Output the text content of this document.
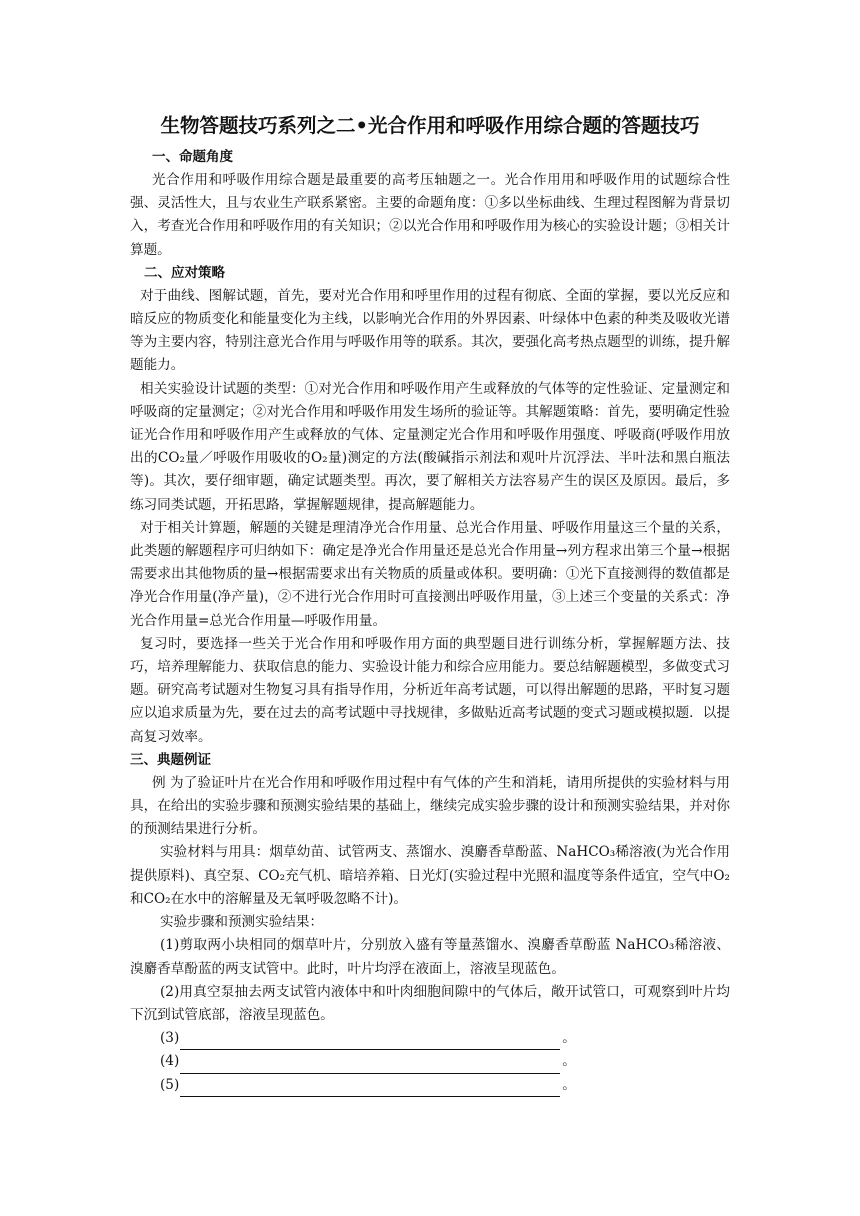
生物答题技巧系列之二•光合作用和呼吸作用综合题的答题技巧
一、命题角度

光合作用和呼吸作用综合题是最重要的高考压轴题之一。光合作用用和呼吸作用的试题综合性强、灵活性大，且与农业生产联系紧密。主要的命题角度：①多以坐标曲线、生理过程图解为背景切入，考查光合作用和呼吸作用的有关知识；②以光合作用和呼吸作用为核心的实验设计题；③相关计算题。

二、应对策略

对于曲线、图解试题，首先，要对光合作用和呼里作用的过程有彻底、全面的掌握，要以光反应和暗反应的物质变化和能量变化为主线，以影响光合作用的外界因素、叶绿体中色素的种类及吸收光谱等为主要内容，特别注意光合作用与呼吸作用等的联系。其次，要强化高考热点题型的训练，提升解题能力。

相关实验设计试题的类型：①对光合作用和呼吸作用产生或释放的气体等的定性验证、定量测定和呼吸商的定量测定；②对光合作用和呼吸作用发生场所的验证等。其解题策略：首先，要明确定性验证光合作用和呼吸作用产生或释放的气体、定量测定光合作用和呼吸作用强度、呼吸商(呼吸作用放出的CO₂量／呼吸作用吸收的O₂量)测定的方法(酸碱指示剂法和观叶片沉浮法、半叶法和黑白瓶法等)。其次，要仔细审题，确定试题类型。再次，要了解相关方法容易产生的误区及原因。最后，多练习同类试题，开拓思路，掌握解题规律，提高解题能力。

对于相关计算题，解题的关键是理清净光合作用量、总光合作用量、呼吸作用量这三个量的关系，此类题的解题程序可归纳如下：确定是净光合作用量还是总光合作用量→列方程求出第三个量→根据需要求出其他物质的量→根据需要求出有关物质的质量或体积。要明确：①光下直接测得的数值都是净光合作用量(净产量)，②不进行光合作用时可直接测出呼吸作用量，③上述三个变量的关系式：净光合作用量=总光合作用量—呼吸作用量。

复习时，要选择一些关于光合作用和呼吸作用方面的典型题目进行训练分析，掌握解题方法、技巧，培养理解能力、获取信息的能力、实验设计能力和综合应用能力。要总结解题模型，多做变式习题。研究高考试题对生物复习具有指导作用，分析近年高考试题，可以得出解题的思路，平时复习题应以追求质量为先，要在过去的高考试题中寻找规律，多做贴近高考试题的变式习题或模拟题．以提高复习效率。

三、典题例证

例 为了验证叶片在光合作用和呼吸作用过程中有气体的产生和消耗，请用所提供的实验材料与用具，在给出的实验步骤和预测实验结果的基础上，继续完成实验步骤的设计和预测实验结果，并对你的预测结果进行分析。

实验材料与用具：烟草幼苗、试管两支、蒸馏水、溴麝香草酚蓝、NaHCO₃稀溶液(为光合作用提供原料)、真空泵、CO₂充气机、暗培养箱、日光灯(实验过程中光照和温度等条件适宜，空气中O₂和CO₂在水中的溶解量及无氧呼吸忽略不计)。

实验步骤和预测实验结果：

(1)剪取两小块相同的烟草叶片，分别放入盛有等量蒸馏水、溴麝香草酚蓝 NaHCO₃稀溶液、溴麝香草酚蓝的两支试管中。此时，叶片均浮在液面上，溶液呈现蓝色。

(2)用真空泵抽去两支试管内液体中和叶肉细胞间隙中的气体后，敞开试管口，可观察到叶片均下沉到试管底部，溶液呈现蓝色。

(3)	。
(4)	。
(5)	。
